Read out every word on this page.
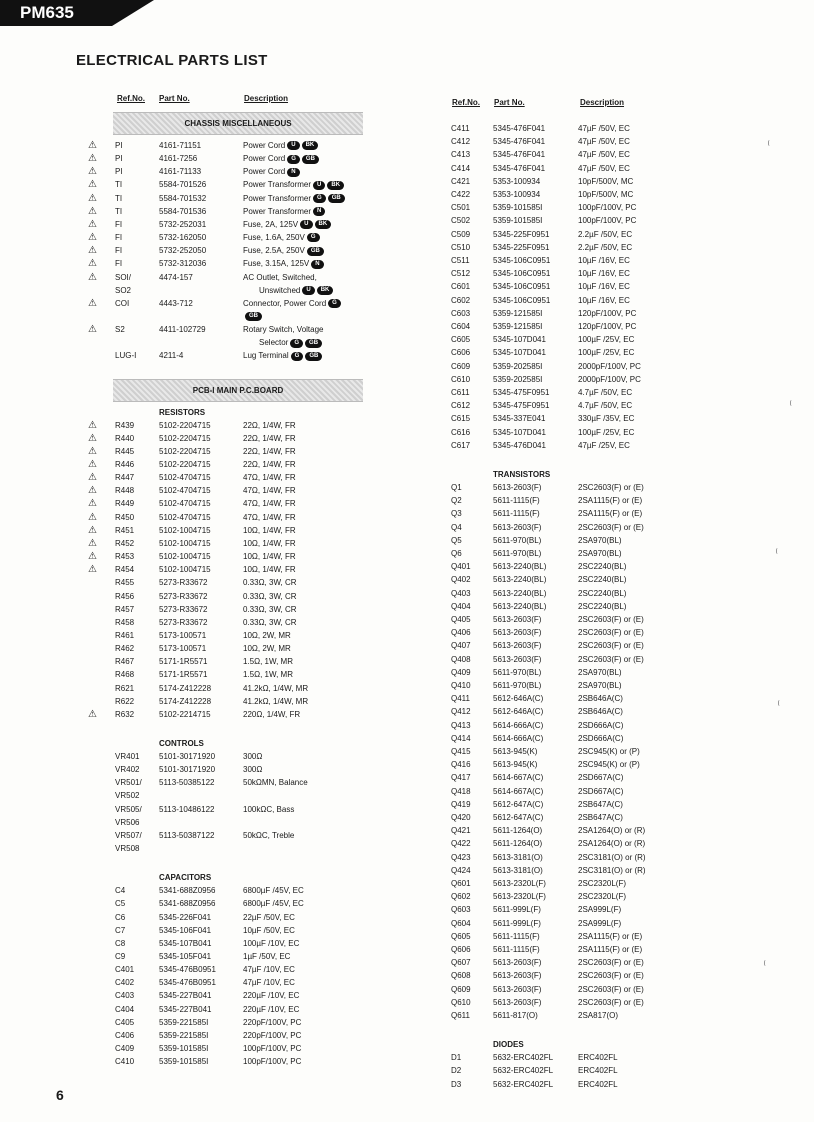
PM635
ELECTRICAL PARTS LIST
Ref.No. Part No.	Description	Ref.No. Part No.	Description
CHASSIS MISCELLANEOUS
⚠ PI	4161-71151	Power Cord U BK
⚠ PI	4161-7256	Power Cord G GB
⚠ PI	4161-71133	Power Cord N
⚠ TI	5584-701526	Power Transformer U BK
⚠ TI	5584-701532	Power Transformer G GB
⚠ TI	5584-701536	Power Transformer N
⚠ FI	5732-252031	Fuse, 2A, 125V U BK
⚠ FI	5732-162050	Fuse, 1.6A, 250V G
⚠ FI	5732-252050	Fuse, 2.5A, 250V GB
⚠ FI	5732-312036	Fuse, 3.15A, 125V N
⚠ SOI/	4474-157	AC Outlet, Switched,
SO2	Unswitched U BK
⚠ COI	4443-712	Connector, Power Cord G
GB
⚠ S2	4411-102729	Rotary Switch, Voltage
Selector G GB
LUG-I	4211-4	Lug Terminal G GB
PCB-I MAIN P.C.BOARD
RESISTORS
⚠ R439	5102-2204715	22Ω, 1/4W, FR
⚠ R440	5102-2204715	22Ω, 1/4W, FR
⚠ R445	5102-2204715	22Ω, 1/4W, FR
⚠ R446	5102-2204715	22Ω, 1/4W, FR
⚠ R447	5102-4704715	47Ω, 1/4W, FR
⚠ R448	5102-4704715	47Ω, 1/4W, FR
⚠ R449	5102-4704715	47Ω, 1/4W, FR
⚠ R450	5102-4704715	47Ω, 1/4W, FR
⚠ R451	5102-1004715	10Ω, 1/4W, FR
⚠ R452	5102-1004715	10Ω, 1/4W, FR
⚠ R453	5102-1004715	10Ω, 1/4W, FR
⚠ R454	5102-1004715	10Ω, 1/4W, FR
R455	5273-R33672	0.33Ω, 3W, CR
R456	5273-R33672	0.33Ω, 3W, CR
R457	5273-R33672	0.33Ω, 3W, CR
R458	5273-R33672	0.33Ω, 3W, CR
R461	5173-100571	10Ω, 2W, MR
R462	5173-100571	10Ω, 2W, MR
R467	5171-1R5571	1.5Ω, 1W, MR
R468	5171-1R5571	1.5Ω, 1W, MR
R621	5174-Z412228	41.2kΩ, 1/4W, MR
R622	5174-Z412228	41.2kΩ, 1/4W, MR
⚠ R632	5102-2214715	220Ω, 1/4W, FR
CONTROLS
VR401 5101-30171920	300Ω
VR402 5101-30171920	300Ω
VR501/ 5113-50385122	50kΩMN, Balance
VR502
VR505/ 5113-10486122	100kΩC, Bass
VR506
VR507/ 5113-50387122	50kΩC, Treble
VR508
CAPACITORS
C4	5341-688Z0956	6800µF /45V, EC
C5	5341-688Z0956	6800µF /45V, EC
C6	5345-226F041	22µF /50V, EC
C7	5345-106F041	10µF /50V, EC
C8	5345-107B041	100µF /10V, EC
C9	5345-105F041	1µF /50V, EC
C401	5345-476B0951	47µF /10V, EC
C402	5345-476B0951	47µF /10V, EC
C403	5345-227B041	220µF /10V, EC
C404	5345-227B041	220µF /10V, EC
C405	5359-221585I	220pF/100V, PC
C406	5359-221585I	220pF/100V, PC
C409	5359-101585I	100pF/100V, PC
C410	5359-101585I	100pF/100V, PC
C411	5345-476F041	47µF /50V, EC
C412	5345-476F041	47µF /50V, EC
C413	5345-476F041	47µF /50V, EC
C414	5345-476F041	47µF /50V, EC
C421	5353-100934	10pF/500V, MC
C422	5353-100934	10pF/500V, MC
C501	5359-101585I	100pF/100V, PC
C502	5359-101585I	100pF/100V, PC
C509	5345-225F0951	2.2µF /50V, EC
C510	5345-225F0951	2.2µF /50V, EC
C511	5345-106C0951	10µF /16V, EC
C512	5345-106C0951	10µF /16V, EC
C601	5345-106C0951	10µF /16V, EC
C602	5345-106C0951	10µF /16V, EC
C603	5359-121585I	120pF/100V, PC
C604	5359-121585I	120pF/100V, PC
C605	5345-107D041	100µF /25V, EC
C606	5345-107D041	100µF /25V, EC
C609	5359-202585I	2000pF/100V, PC
C610	5359-202585I	2000pF/100V, PC
C611	5345-475F0951	4.7µF /50V, EC
C612	5345-475F0951	4.7µF /50V, EC
C615	5345-337E041	330µF /35V, EC
C616	5345-107D041	100µF /25V, EC
C617	5345-476D041	47µF /25V, EC
TRANSISTORS
Q1	5613-2603(F)	2SC2603(F) or (E)
Q2	5611-1115(F)	2SA1115(F) or (E)
Q3	5611-1115(F)	2SA1115(F) or (E)
Q4	5613-2603(F)	2SC2603(F) or (E)
Q5	5611-970(BL)	2SA970(BL)
Q6	5611-970(BL)	2SA970(BL)
Q401	5613-2240(BL)	2SC2240(BL)
Q402	5613-2240(BL)	2SC2240(BL)
Q403	5613-2240(BL)	2SC2240(BL)
Q404	5613-2240(BL)	2SC2240(BL)
Q405	5613-2603(F)	2SC2603(F) or (E)
Q406	5613-2603(F)	2SC2603(F) or (E)
Q407	5613-2603(F)	2SC2603(F) or (E)
Q408	5613-2603(F)	2SC2603(F) or (E)
Q409	5611-970(BL)	2SA970(BL)
Q410	5611-970(BL)	2SA970(BL)
Q411	5612-646A(C)	2SB646A(C)
Q412	5612-646A(C)	2SB646A(C)
Q413	5614-666A(C)	2SD666A(C)
Q414	5614-666A(C)	2SD666A(C)
Q415	5613-945(K)	2SC945(K) or (P)
Q416	5613-945(K)	2SC945(K) or (P)
Q417	5614-667A(C)	2SD667A(C)
Q418	5614-667A(C)	2SD667A(C)
Q419	5612-647A(C)	2SB647A(C)
Q420	5612-647A(C)	2SB647A(C)
Q421	5611-1264(O)	2SA1264(O) or (R)
Q422	5611-1264(O)	2SA1264(O) or (R)
Q423	5613-3181(O)	2SC3181(O) or (R)
Q424	5613-3181(O)	2SC3181(O) or (R)
Q601	5613-2320L(F)	2SC2320L(F)
Q602	5613-2320L(F)	2SC2320L(F)
Q603	5611-999L(F)	2SA999L(F)
Q604	5611-999L(F)	2SA999L(F)
Q605	5611-1115(F)	2SA1115(F) or (E)
Q606	5611-1115(F)	2SA1115(F) or (E)
Q607	5613-2603(F)	2SC2603(F) or (E)
Q608	5613-2603(F)	2SC2603(F) or (E)
Q609	5613-2603(F)	2SC2603(F) or (E)
Q610	5613-2603(F)	2SC2603(F) or (E)
Q611	5611-817(O)	2SA817(O)
DIODES
D1	5632-ERC402FL	ERC402FL
D2	5632-ERC402FL	ERC402FL
D3	5632-ERC402FL	ERC402FL
6
